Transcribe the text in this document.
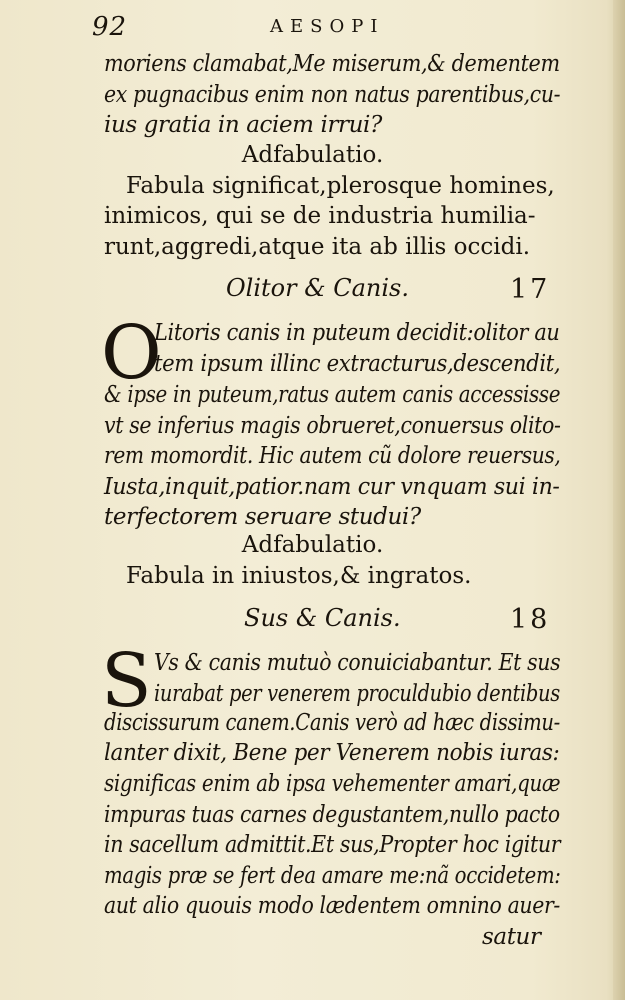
92	AESOPI
moriens clamabat,Me miserum,& dementem
ex pugnacibus enim non natus parentibus,cu-
ius gratia in aciem irrui?
Adfabulatio.
Fabula significat,plerosque homines,
inimicos, qui se de industria humilia-
runt,aggredi,atque ita ab illis occidi.
Olitor & Canis.	17
O
Litoris canis in puteum decidit:olitor au
tem ipsum illinc extracturus,descendit,
& ipse in puteum,ratus autem canis accessisse
vt se inferius magis obrueret,conuersus olito-
rem momordit. Hic autem cũ dolore reuersus,
Iusta,inquit,patior.nam cur vnquam sui in-
terfectorem seruare studui?
Adfabulatio.
Fabula in iniustos,& ingratos.
Sus & Canis.	18
S Vs & canis mutuò conuiciabantur. Et sus
iurabat per venerem proculdubio dentibus
discissurum canem.Canis verò ad hæc dissimu-
lanter dixit, Bene per Venerem nobis iuras:
significas enim ab ipsa vehementer amari,quæ
impuras tuas carnes degustantem,nullo pacto
in sacellum admittit.Et sus,Propter hoc igitur
magis præ se fert dea amare me:nã occidetem:
aut alio quouis modo lædentem omnino auer-
satur
